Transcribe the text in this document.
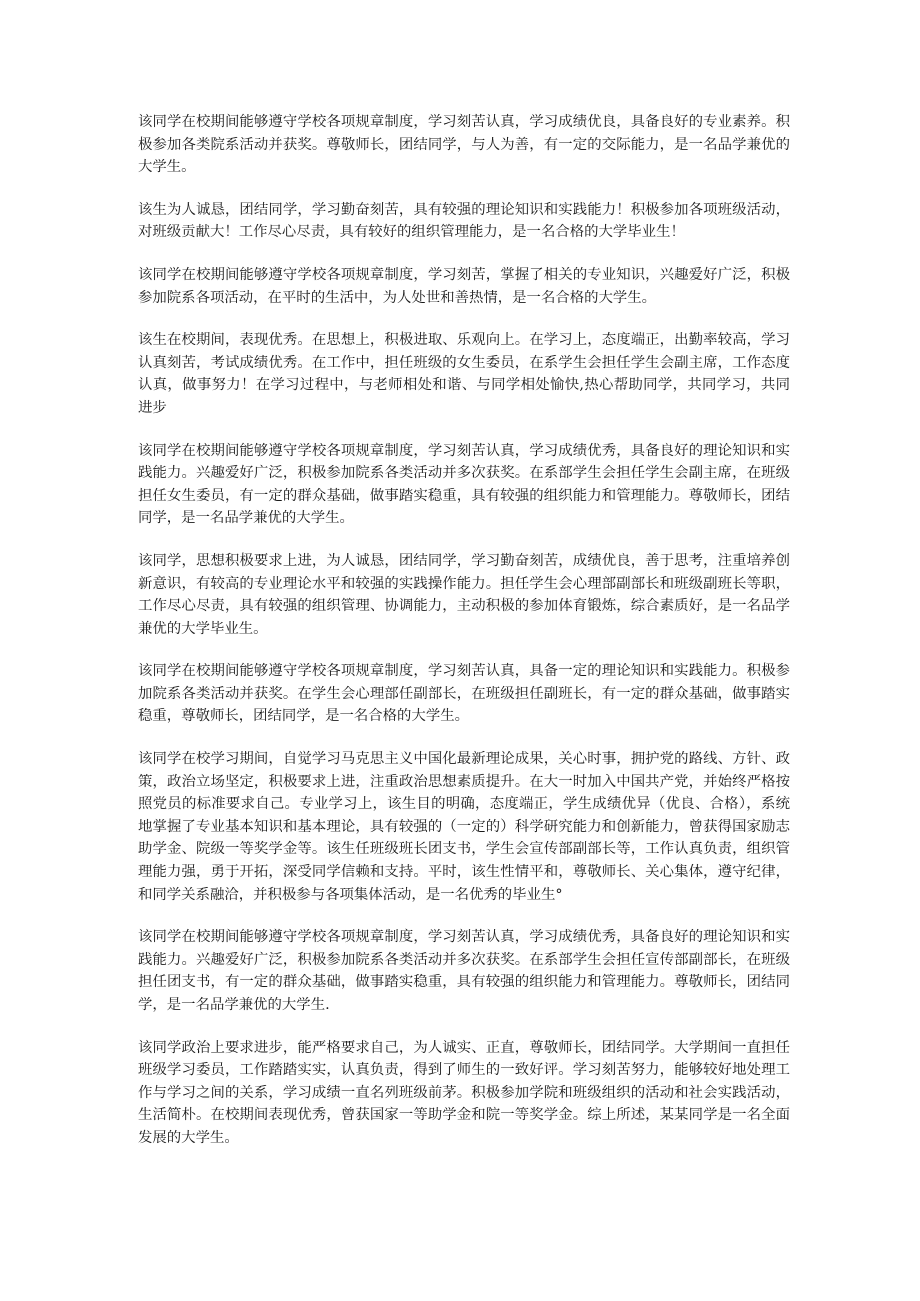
该同学在校期间能够遵守学校各项规章制度，学习刻苦认真，学习成绩优良，具备良好的专业素养。积极参加各类院系活动并获奖。尊敬师长，团结同学，与人为善，有一定的交际能力，是一名品学兼优的大学生。

该生为人诚恳，团结同学，学习勤奋刻苦，具有较强的理论知识和实践能力！积极参加各项班级活动，对班级贡献大！工作尽心尽责，具有较好的组织管理能力，是一名合格的大学毕业生！

该同学在校期间能够遵守学校各项规章制度，学习刻苦，掌握了相关的专业知识，兴趣爱好广泛，积极参加院系各项活动，在平时的生活中，为人处世和善热情，是一名合格的大学生。

该生在校期间，表现优秀。在思想上，积极进取、乐观向上。在学习上，态度端正，出勤率较高，学习认真刻苦，考试成绩优秀。在工作中，担任班级的女生委员，在系学生会担任学生会副主席，工作态度认真，做事努力！在学习过程中，与老师相处和谐、与同学相处愉快,热心帮助同学，共同学习，共同进步

该同学在校期间能够遵守学校各项规章制度，学习刻苦认真，学习成绩优秀，具备良好的理论知识和实践能力。兴趣爱好广泛，积极参加院系各类活动并多次获奖。在系部学生会担任学生会副主席，在班级担任女生委员，有一定的群众基础，做事踏实稳重，具有较强的组织能力和管理能力。尊敬师长，团结同学，是一名品学兼优的大学生。

该同学，思想积极要求上进，为人诚恳，团结同学，学习勤奋刻苦，成绩优良，善于思考，注重培养创新意识，有较高的专业理论水平和较强的实践操作能力。担任学生会心理部副部长和班级副班长等职，工作尽心尽责，具有较强的组织管理、协调能力，主动积极的参加体育锻炼，综合素质好，是一名品学兼优的大学毕业生。

该同学在校期间能够遵守学校各项规章制度，学习刻苦认真，具备一定的理论知识和实践能力。积极参加院系各类活动并获奖。在学生会心理部任副部长，在班级担任副班长，有一定的群众基础，做事踏实稳重，尊敬师长，团结同学，是一名合格的大学生。

该同学在校学习期间，自觉学习马克思主义中国化最新理论成果，关心时事，拥护党的路线、方针、政策，政治立场坚定，积极要求上进，注重政治思想素质提升。在大一时加入中国共产党，并始终严格按照党员的标准要求自己。专业学习上，该生目的明确，态度端正，学生成绩优异（优良、合格），系统地掌握了专业基本知识和基本理论，具有较强的（一定的）科学研究能力和创新能力，曾获得国家励志助学金、院级一等奖学金等。该生任班级班长团支书，学生会宣传部副部长等，工作认真负责，组织管理能力强，勇于开拓，深受同学信赖和支持。平时，该生性情平和，尊敬师长、关心集体，遵守纪律，和同学关系融洽，并积极参与各项集体活动，是一名优秀的毕业生°

该同学在校期间能够遵守学校各项规章制度，学习刻苦认真，学习成绩优秀，具备良好的理论知识和实践能力。兴趣爱好广泛，积极参加院系各类活动并多次获奖。在系部学生会担任宣传部副部长，在班级担任团支书，有一定的群众基础，做事踏实稳重，具有较强的组织能力和管理能力。尊敬师长，团结同学，是一名品学兼优的大学生.

该同学政治上要求进步，能严格要求自己，为人诚实、正直，尊敬师长，团结同学。大学期间一直担任班级学习委员，工作踏踏实实，认真负责，得到了师生的一致好评。学习刻苦努力，能够较好地处理工作与学习之间的关系，学习成绩一直名列班级前茅。积极参加学院和班级组织的活动和社会实践活动，生活简朴。在校期间表现优秀，曾获国家一等助学金和院一等奖学金。综上所述，某某同学是一名全面发展的大学生。
